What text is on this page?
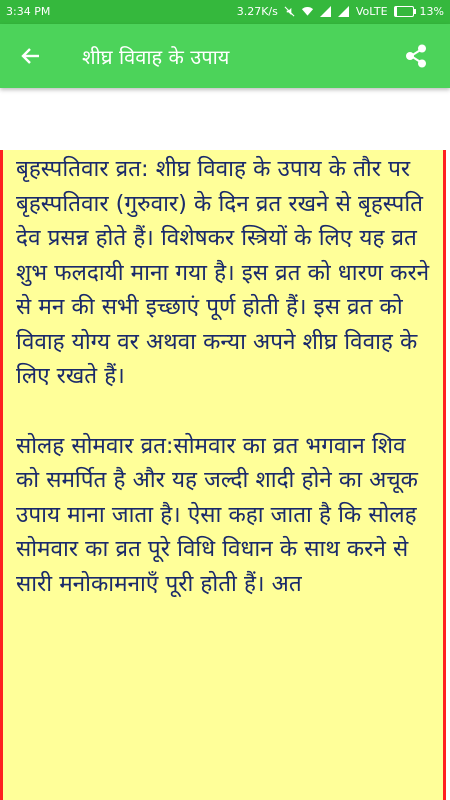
3:34 PM	3.27K/s	VoLTE	13%
शीघ्र विवाह के उपाय

बृहस्पतिवार व्रत: शीघ्र विवाह के उपाय के तौर पर बृहस्पतिवार (गुरुवार) के दिन व्रत रखने से बृहस्पति देव प्रसन्न होते हैं। विशेषकर स्त्रियों के लिए यह व्रत शुभ फलदायी माना गया है। इस व्रत को धारण करने से मन की सभी इच्छाएं पूर्ण होती हैं। इस व्रत को विवाह योग्य वर अथवा कन्या अपने शीघ्र विवाह के लिए रखते हैं।

सोलह सोमवार व्रत:सोमवार का व्रत भगवान शिव को समर्पित है और यह जल्दी शादी होने का अचूक उपाय माना जाता है। ऐसा कहा जाता है कि सोलह सोमवार का व्रत पूरे विधि विधान के साथ करने से सारी मनोकामनाएँ पूरी होती हैं। अत
